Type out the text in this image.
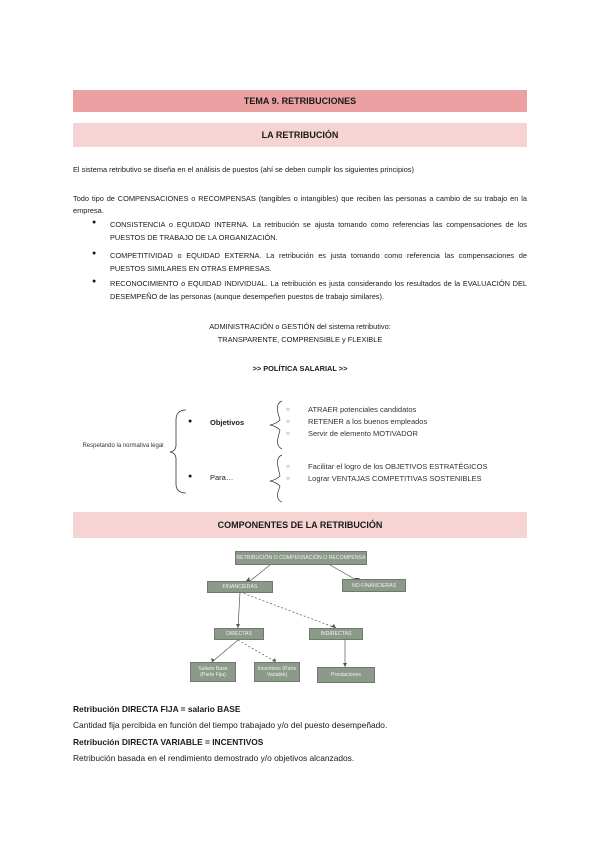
TEMA 9. RETRIBUCIONES
LA RETRIBUCIÓN
El sistema retributivo se diseña en el análisis de puestos (ahí se deben cumplir los siguientes principios)
Todo tipo de COMPENSACIONES o RECOMPENSAS (tangibles o intangibles) que reciben las personas a cambio de su trabajo en la empresa.
● CONSISTENCIA o EQUIDAD INTERNA. La retribución se ajusta tomando como referencias las compensaciones de los PUESTOS DE TRABAJO DE LA ORGANIZACIÓN.
● COMPETITIVIDAD o EQUIDAD EXTERNA. La retribución es justa tomando como referencia las compensaciones de PUESTOS SIMILARES EN OTRAS EMPRESAS.
● RECONOCIMIENTO o EQUIDAD INDIVIDUAL. La retribución es justa considerando los resultados de la EVALUACIÓN DEL DESEMPEÑO de las personas (aunque desempeñen puestos de trabajo similares).
ADMINISTRACIÓN o GESTIÓN del sistema retributivo:
TRANSPARENTE, COMPRENSIBLE y FLEXIBLE
>> POLÍTICA SALARIAL >>
Respetando la normativa legal
● Objetivos
● Para…
○ ATRAER potenciales candidatos
○ RETENER a los buenos empleados
○ Servir de elemento MOTIVADOR
○ Facilitar el logro de los OBJETIVOS ESTRATÉGICOS
○ Lograr VENTAJAS COMPETITIVAS SOSTENIBLES
COMPONENTES DE LA RETRIBUCIÓN
RETRIBUCIÓN O COMPENSACIÓN O RECOMPENSA
FINANCIERAS	NO FINANCIERAS
DIRECTAS	INDIRECTAS
Salario Base (Parte Fija)
Incentivos (Parte Variable)	Prestaciones
Retribución DIRECTA FIJA = salario BASE
Cantidad fija percibida en función del tiempo trabajado y/o del puesto desempeñado.
Retribución DIRECTA VARIABLE = INCENTIVOS
Retribución basada en el rendimiento demostrado y/o objetivos alcanzados.
